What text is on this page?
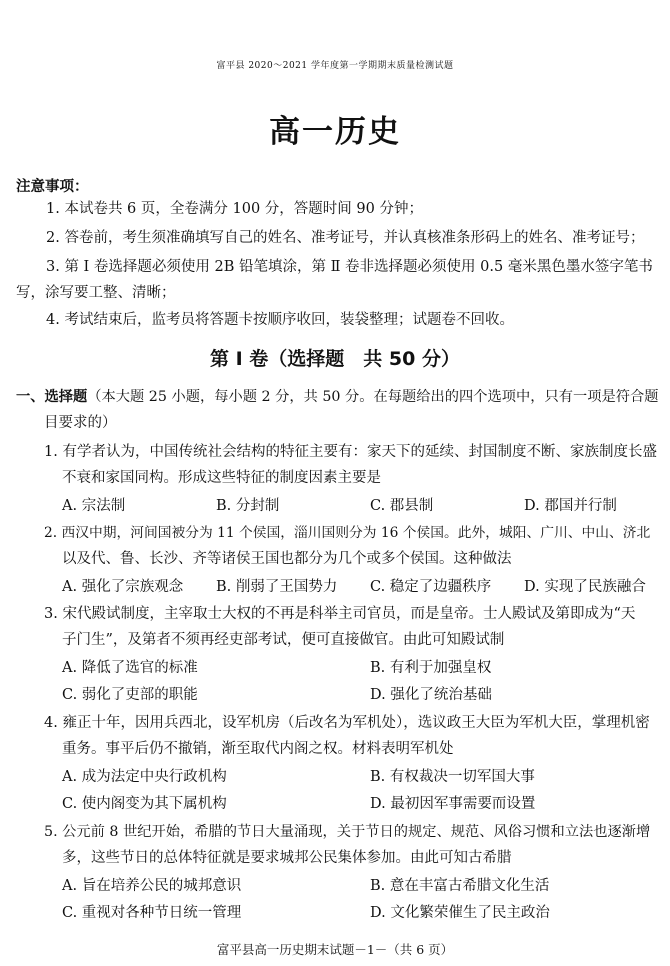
富平县 2020～2021 学年度第一学期期末质量检测试题
高一历史
注意事项：
1. 本试卷共 6 页，全卷满分 100 分，答题时间 90 分钟；
2. 答卷前，考生须准确填写自己的姓名、准考证号，并认真核准条形码上的姓名、准考证号；
3. 第 Ⅰ 卷选择题必须使用 2B 铅笔填涂，第 Ⅱ 卷非选择题必须使用 0.5 毫米黑色墨水签字笔书
写，涂写要工整、清晰；
4. 考试结束后，监考员将答题卡按顺序收回，装袋整理；试题卷不回收。
第 Ⅰ 卷（选择题　共 50 分）
一、选择题（本大题 25 小题，每小题 2 分，共 50 分。在每题给出的四个选项中，只有一项是符合题
目要求的）
1. 有学者认为，中国传统社会结构的特征主要有：家天下的延续、封国制度不断、家族制度长盛
不衰和家国同构。形成这些特征的制度因素主要是
A. 宗法制	B. 分封制	C. 郡县制	D. 郡国并行制
2. 西汉中期，河间国被分为 11 个侯国，淄川国则分为 16 个侯国。此外，城阳、广川、中山、济北
以及代、鲁、长沙、齐等诸侯王国也都分为几个或多个侯国。这种做法
A. 强化了宗族观念 B. 削弱了王国势力 C. 稳定了边疆秩序 D. 实现了民族融合
3. 宋代殿试制度，主宰取士大权的不再是科举主司官员，而是皇帝。士人殿试及第即成为“天
子门生”，及第者不须再经吏部考试，便可直接做官。由此可知殿试制
A. 降低了选官的标准	B. 有利于加强皇权
C. 弱化了吏部的职能	D. 强化了统治基础
4. 雍正十年，因用兵西北，设军机房（后改名为军机处），选议政王大臣为军机大臣，掌理机密
重务。事平后仍不撤销，渐至取代内阁之权。材料表明军机处
A. 成为法定中央行政机构	B. 有权裁决一切军国大事
C. 使内阁变为其下属机构	D. 最初因军事需要而设置
5. 公元前 8 世纪开始，希腊的节日大量涌现，关于节日的规定、规范、风俗习惯和立法也逐渐增
多，这些节日的总体特征就是要求城邦公民集体参加。由此可知古希腊
A. 旨在培养公民的城邦意识	B. 意在丰富古希腊文化生活
C. 重视对各种节日统一管理	D. 文化繁荣催生了民主政治
富平县高一历史期末试题－1－（共 6 页）
